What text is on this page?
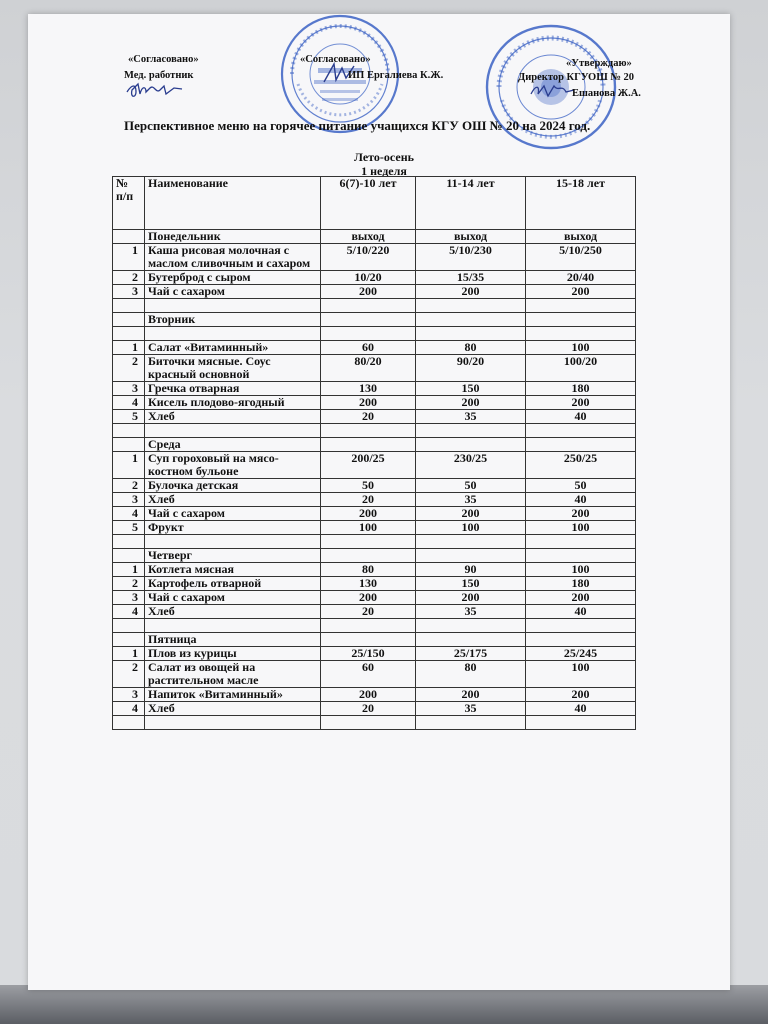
«Согласовано»
Мед. работник
«Согласовано»
ИП Ергалиева К.Ж.
«Утверждаю»
Директор КГУОШ № 20
Ешанова Ж.А.
Перспективное меню на горячее питание учащихся КГУ ОШ № 20 на 2024 год.
Лето-осень
1 неделя
№ п/п	Наименование	6(7)-10 лет	11-14 лет	15-18 лет
	Понедельник	выход	выход	выход
1	Каша рисовая молочная с маслом сливочным и сахаром	5/10/220	5/10/230	5/10/250
2	Бутерброд с сыром	10/20	15/35	20/40
3	Чай с сахаром	200	200	200

	Вторник			

1	Салат «Витаминный»	60	80	100
2	Биточки мясные. Соус красный основной	80/20	90/20	100/20
3	Гречка отварная	130	150	180
4	Кисель плодово-ягодный	200	200	200
5	Хлеб	20	35	40

	Среда			
1	Суп гороховый на мясо-костном бульоне	200/25	230/25	250/25
2	Булочка детская	50	50	50
3	Хлеб	20	35	40
4	Чай с сахаром	200	200	200
5	Фрукт	100	100	100

	Четверг			
1	Котлета мясная	80	90	100
2	Картофель отварной	130	150	180
3	Чай с сахаром	200	200	200
4	Хлеб	20	35	40

	Пятница			
1	Плов из курицы	25/150	25/175	25/245
2	Салат из овощей на растительном масле	60	80	100
3	Напиток «Витаминный»	200	200	200
4	Хлеб	20	35	40
